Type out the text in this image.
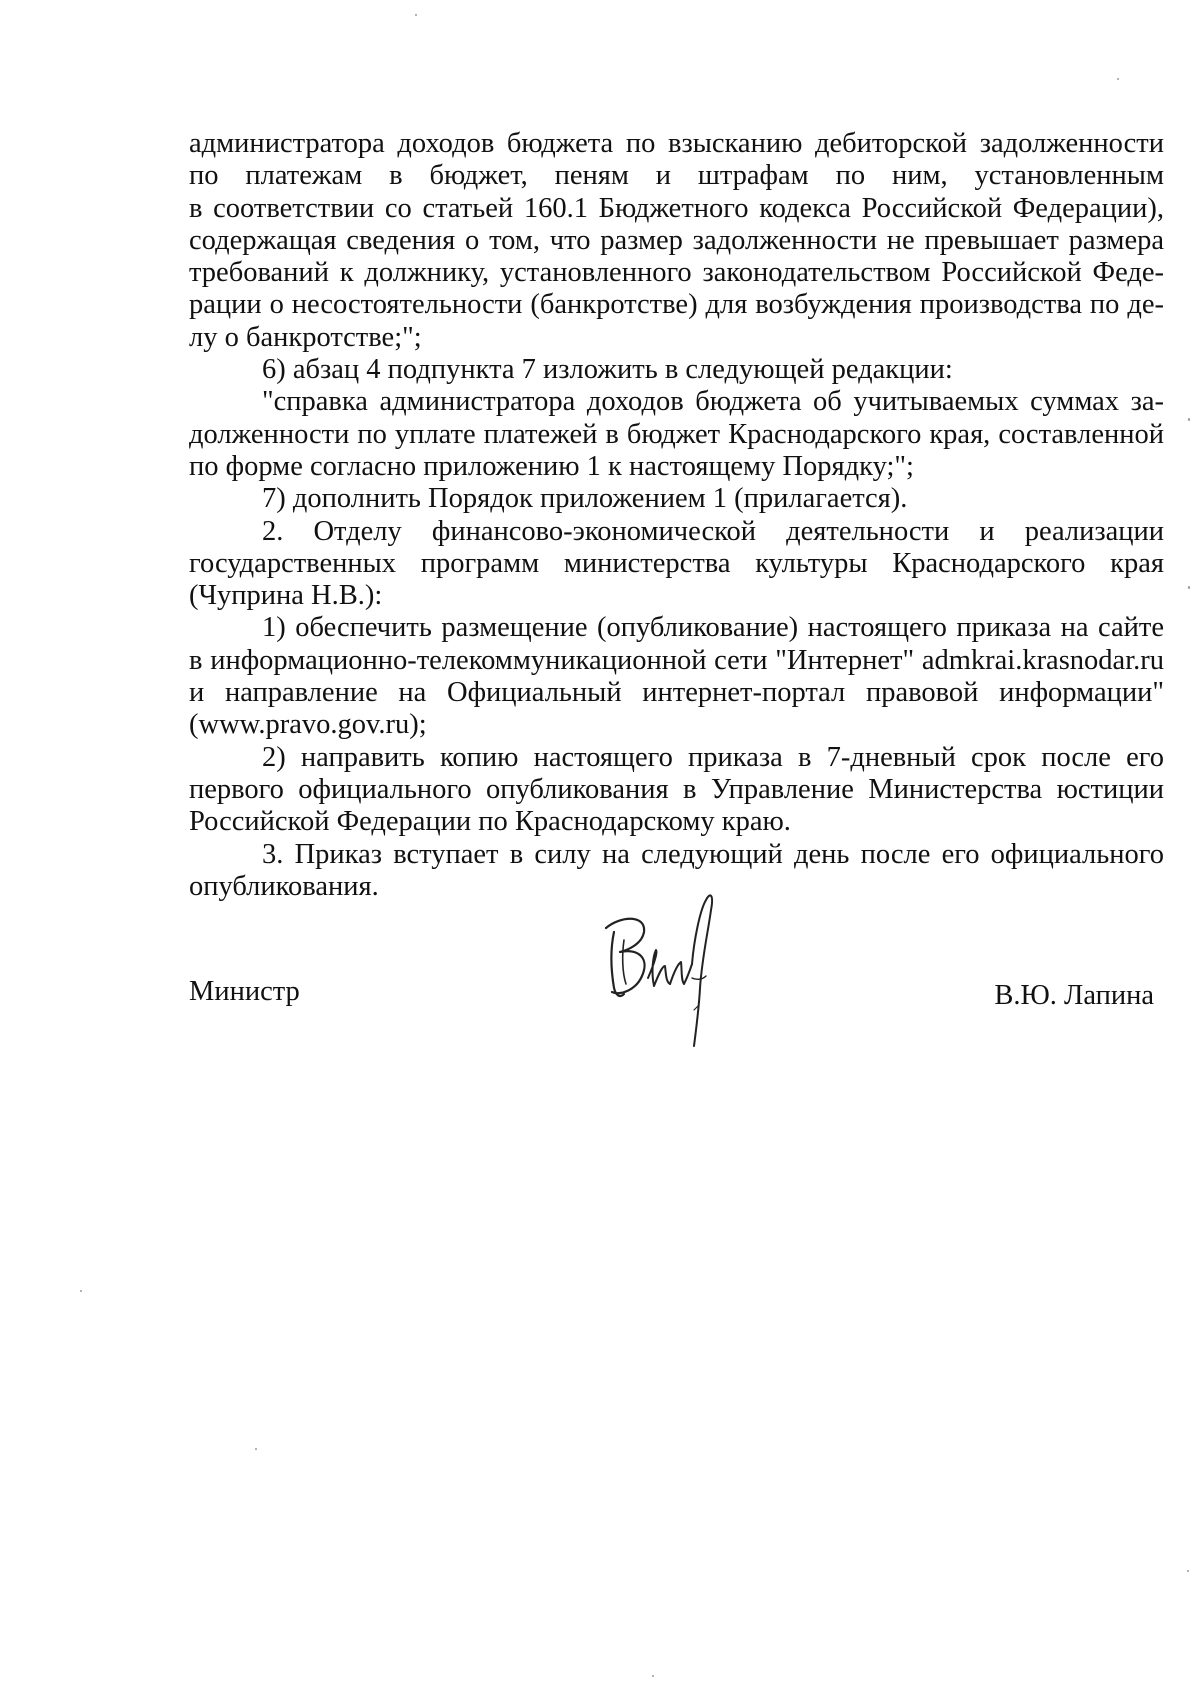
администратора доходов бюджета по взысканию дебиторской задолженности
по платежам в бюджет, пеням и штрафам по ним, установленным
в соответствии со статьей 160.1 Бюджетного кодекса Российской Федерации),
содержащая сведения о том, что размер задолженности не превышает размера
требований к должнику, установленного законодательством Российской Феде-
рации о несостоятельности (банкротстве) для возбуждения производства по де-
лу о банкротстве;";
6) абзац 4 подпункта 7 изложить в следующей редакции:
"справка администратора доходов бюджета об учитываемых суммах за-
долженности по уплате платежей в бюджет Краснодарского края, составленной
по форме согласно приложению 1 к настоящему Порядку;";
7) дополнить Порядок приложением 1 (прилагается).
2. Отделу финансово-экономической деятельности и реализации
государственных программ министерства культуры Краснодарского края
(Чуприна Н.В.):
1) обеспечить размещение (опубликование) настоящего приказа на сайте
в информационно-телекоммуникационной сети "Интернет" admkrai.krasnodar.ru
и направление на Официальный интернет-портал правовой информации"
(www.pravo.gov.ru);
2) направить копию настоящего приказа в 7-дневный срок после его
первого официального опубликования в Управление Министерства юстиции
Российской Федерации по Краснодарскому краю.
3. Приказ вступает в силу на следующий день после его официального
опубликования.
Министр	В.Ю. Лапина
